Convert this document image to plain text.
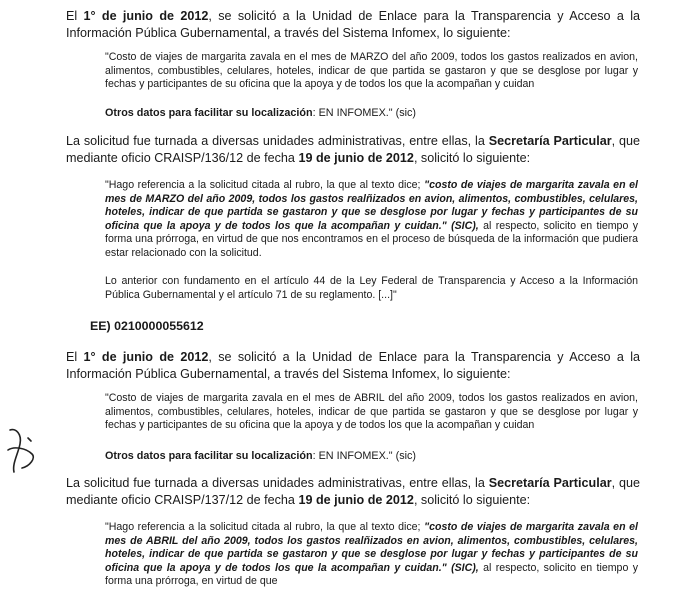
El 1° de junio de 2012, se solicitó a la Unidad de Enlace para la Transparencia y Acceso a la Información Pública Gubernamental, a través del Sistema Infomex, lo siguiente:

"Costo de viajes de margarita zavala en el mes de MARZO del año 2009, todos los gastos realizados en avion, alimentos, combustibles, celulares, hoteles, indicar de que partida se gastaron y que se desglose por lugar y fechas y participantes de su oficina que la apoya y de todos los que la acompañan y cuidan

Otros datos para facilitar su localización: EN INFOMEX." (sic)

La solicitud fue turnada a diversas unidades administrativas, entre ellas, la Secretaría Particular, que mediante oficio CRAISP/136/12 de fecha 19 de junio de 2012, solicitó lo siguiente:

"Hago referencia a la solicitud citada al rubro, la que al texto dice; "costo de viajes de margarita zavala en el mes de MARZO del año 2009, todos los gastos realñizados en avion, alimentos, combustibles, celulares, hoteles, indicar de que partida se gastaron y que se desglose por lugar y fechas y participantes de su oficina que la apoya y de todos los que la acompañan y cuidan." (SIC), al respecto, solicito en tiempo y forma una prórroga, en virtud de que nos encontramos en el proceso de búsqueda de la información que pudiera estar relacionado con la solicitud.

Lo anterior con fundamento en el artículo 44 de la Ley Federal de Transparencia y Acceso a la Información Pública Gubernamental y el artículo 71 de su reglamento. [...]"

EE) 0210000055612

El 1° de junio de 2012, se solicitó a la Unidad de Enlace para la Transparencia y Acceso a la Información Pública Gubernamental, a través del Sistema Infomex, lo siguiente:

"Costo de viajes de margarita zavala en el mes de ABRIL del año 2009, todos los gastos realizados en avion, alimentos, combustibles, celulares, hoteles, indicar de que partida se gastaron y que se desglose por lugar y fechas y participantes de su oficina que la apoya y de todos los que la acompañan y cuidan

Otros datos para facilitar su localización: EN INFOMEX." (sic)

La solicitud fue turnada a diversas unidades administrativas, entre ellas, la Secretaría Particular, que mediante oficio CRAISP/137/12 de fecha 19 de junio de 2012, solicitó lo siguiente:

"Hago referencia a la solicitud citada al rubro, la que al texto dice; "costo de viajes de margarita zavala en el mes de ABRIL del año 2009, todos los gastos realñizados en avion, alimentos, combustibles, celulares, hoteles, indicar de que partida se gastaron y que se desglose por lugar y fechas y participantes de su oficina que la apoya y de todos los que la acompañan y cuidan." (SIC), al respecto, solicito en tiempo y forma una prórroga, en virtud de que
